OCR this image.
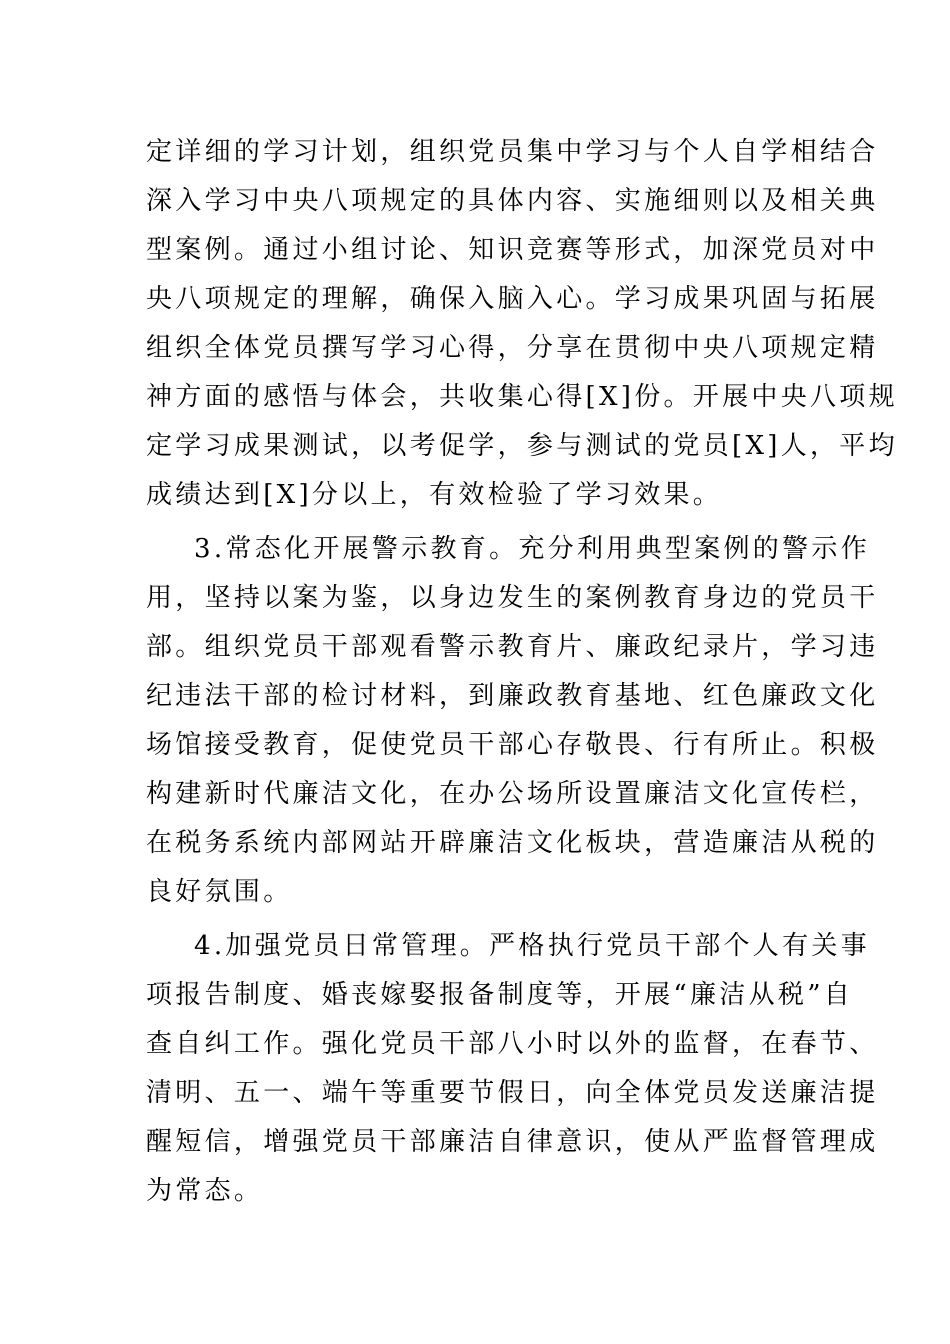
定详细的学习计划，组织党员集中学习与个人自学相结合
深入学习中央八项规定的具体内容、实施细则以及相关典
型案例。通过小组讨论、知识竞赛等形式，加深党员对中
央八项规定的理解，确保入脑入心。学习成果巩固与拓展
组织全体党员撰写学习心得，分享在贯彻中央八项规定精
神方面的感悟与体会，共收集心得[X]份。开展中央八项规
定学习成果测试，以考促学，参与测试的党员[X]人，平均
成绩达到[X]分以上，有效检验了学习效果。
3.常态化开展警示教育。充分利用典型案例的警示作
用，坚持以案为鉴，以身边发生的案例教育身边的党员干
部。组织党员干部观看警示教育片、廉政纪录片，学习违
纪违法干部的检讨材料，到廉政教育基地、红色廉政文化
场馆接受教育，促使党员干部心存敬畏、行有所止。积极
构建新时代廉洁文化，在办公场所设置廉洁文化宣传栏，
在税务系统内部网站开辟廉洁文化板块，营造廉洁从税的
良好氛围。
4.加强党员日常管理。严格执行党员干部个人有关事
项报告制度、婚丧嫁娶报备制度等，开展“廉洁从税”自
查自纠工作。强化党员干部八小时以外的监督，在春节、
清明、五一、端午等重要节假日，向全体党员发送廉洁提
醒短信，增强党员干部廉洁自律意识，使从严监督管理成
为常态。
